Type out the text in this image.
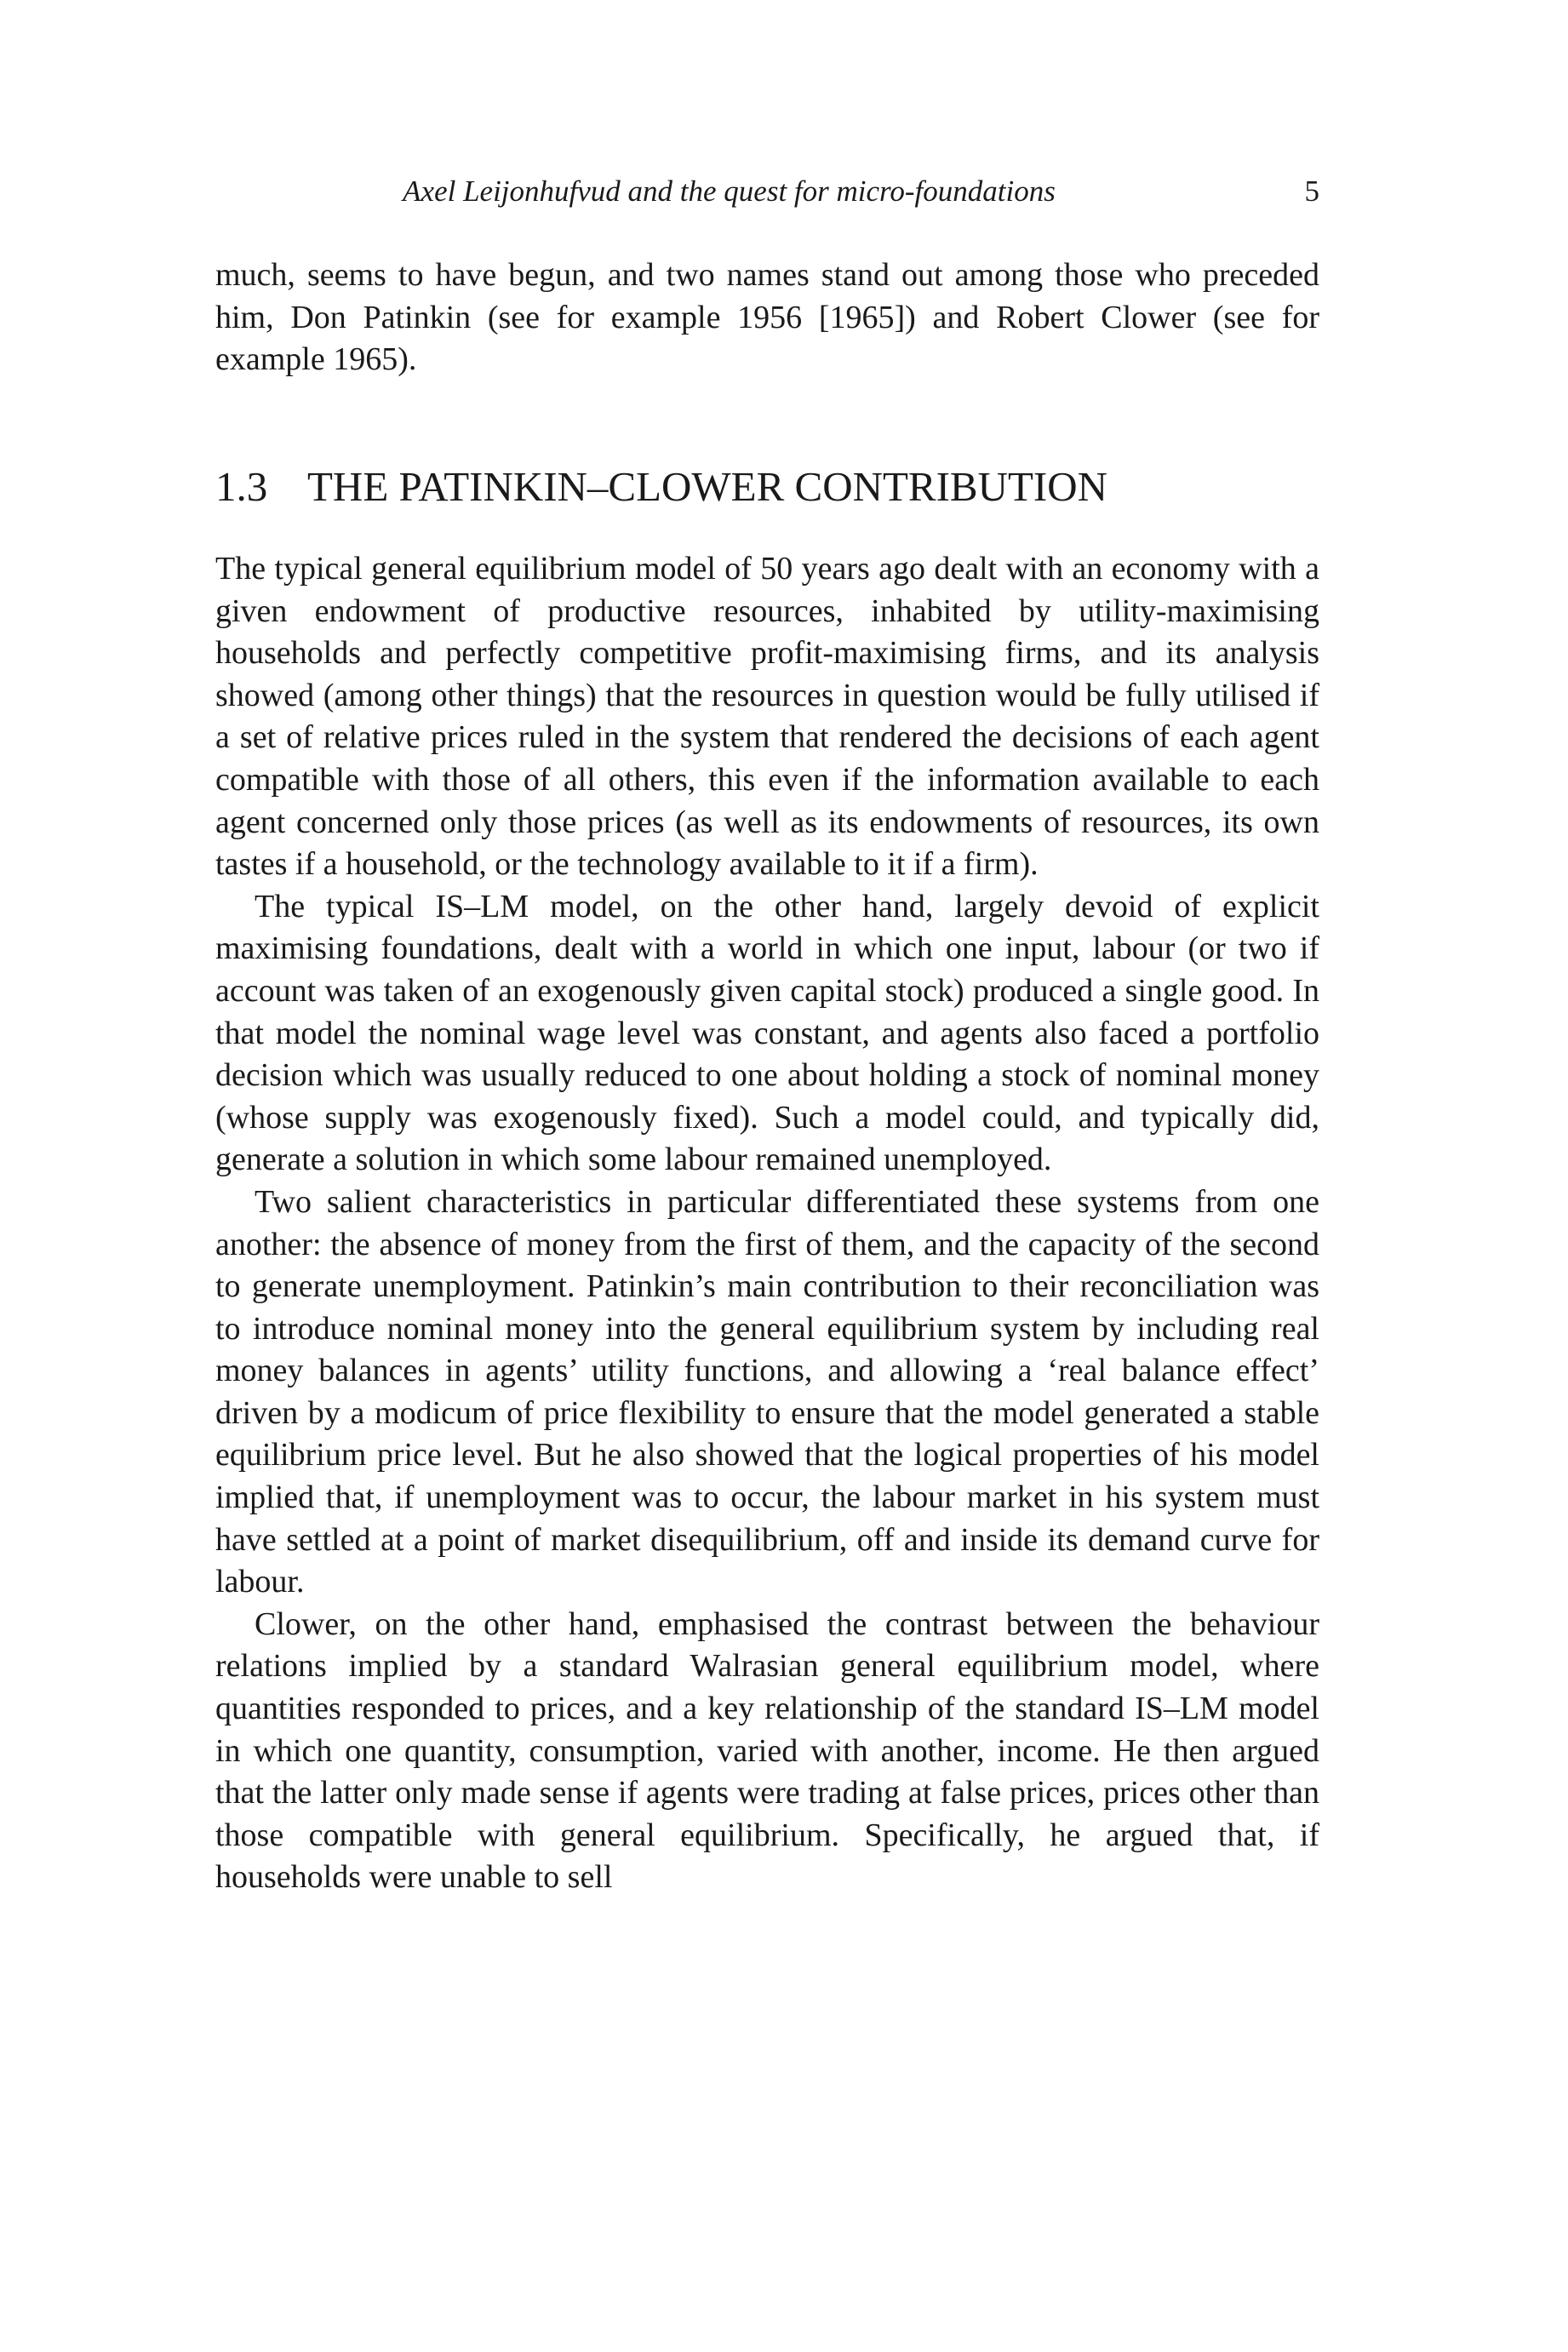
Axel Leijonhufvud and the quest for micro-foundations	5

much, seems to have begun, and two names stand out among those who preceded him, Don Patinkin (see for example 1956 [1965]) and Robert Clower (see for example 1965).

1.3 THE PATINKIN–CLOWER CONTRIBUTION

The typical general equilibrium model of 50 years ago dealt with an economy with a given endowment of productive resources, inhabited by utility-maximising households and perfectly competitive profit-maximising firms, and its analysis showed (among other things) that the resources in question would be fully utilised if a set of relative prices ruled in the system that rendered the decisions of each agent compatible with those of all others, this even if the information available to each agent concerned only those prices (as well as its endowments of resources, its own tastes if a household, or the technology available to it if a firm).

The typical IS–LM model, on the other hand, largely devoid of explicit maximising foundations, dealt with a world in which one input, labour (or two if account was taken of an exogenously given capital stock) produced a single good. In that model the nominal wage level was constant, and agents also faced a portfolio decision which was usually reduced to one about holding a stock of nominal money (whose supply was exogenously fixed). Such a model could, and typically did, generate a solution in which some labour remained unemployed.

Two salient characteristics in particular differentiated these systems from one another: the absence of money from the first of them, and the capacity of the second to generate unemployment. Patinkin’s main contribution to their reconciliation was to introduce nominal money into the general equilibrium system by including real money balances in agents’ utility functions, and allowing a ‘real balance effect’ driven by a modicum of price flexibility to ensure that the model generated a stable equilibrium price level. But he also showed that the logical properties of his model implied that, if unemployment was to occur, the labour market in his system must have settled at a point of market disequilibrium, off and inside its demand curve for labour.

Clower, on the other hand, emphasised the contrast between the behaviour relations implied by a standard Walrasian general equilibrium model, where quantities responded to prices, and a key relationship of the standard IS–LM model in which one quantity, consumption, varied with another, income. He then argued that the latter only made sense if agents were trading at false prices, prices other than those compatible with general equilibrium. Specifically, he argued that, if households were unable to sell
